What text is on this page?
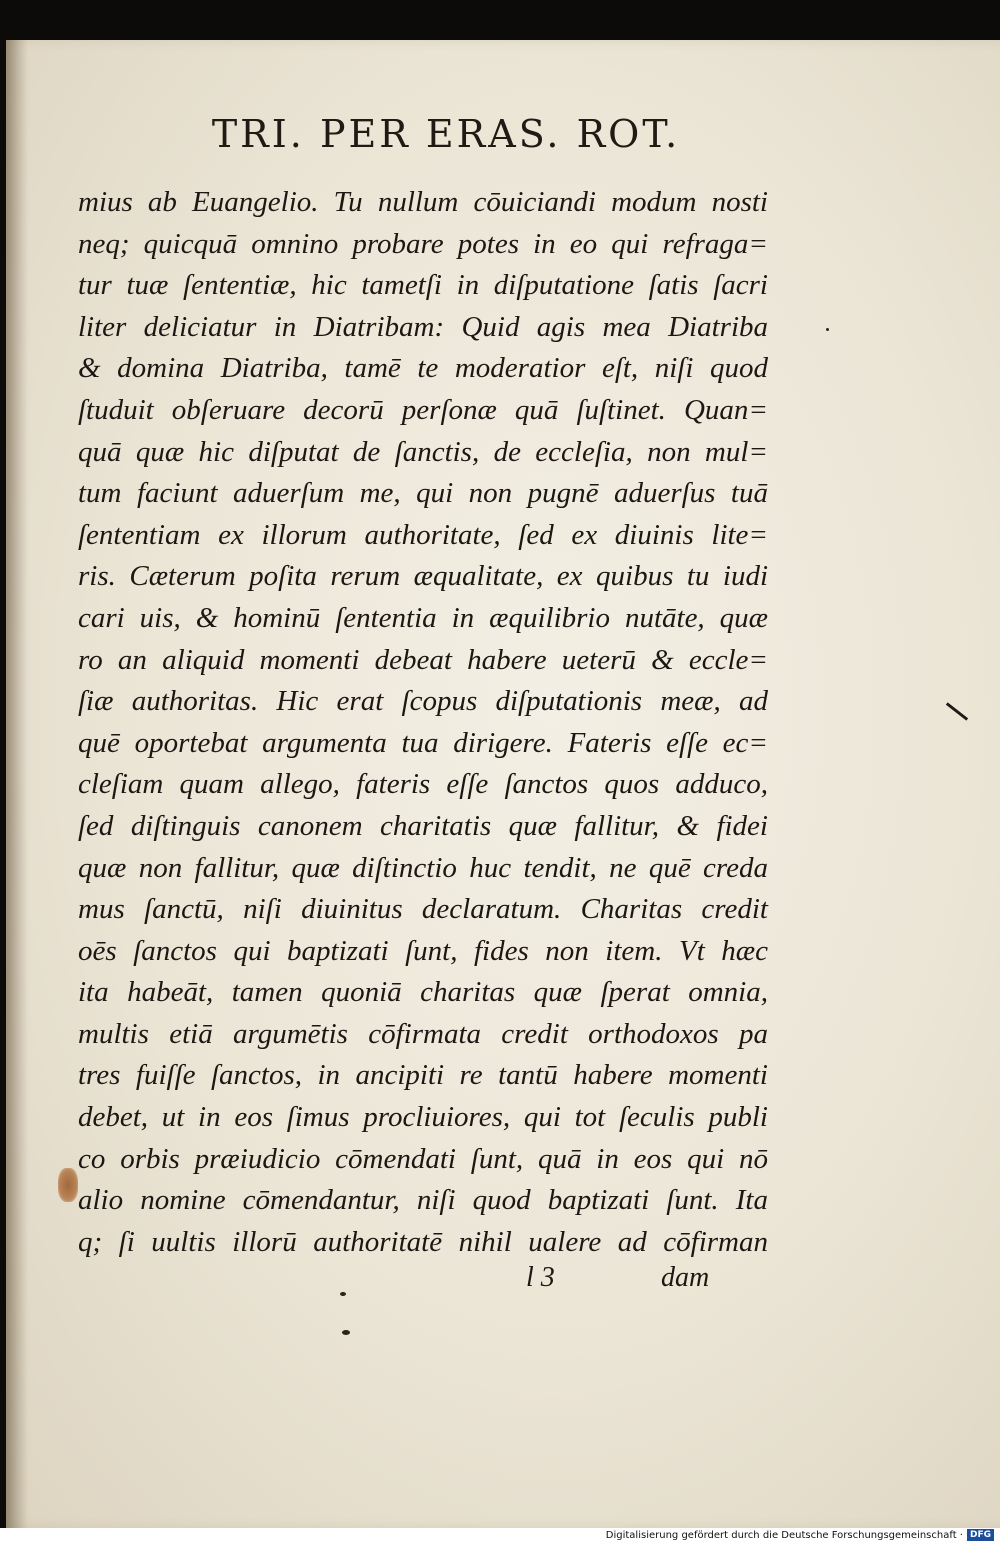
TRI. PER ERAS. ROT.
mius ab Euangelio. Tu nullum cōuiciandi modum nosti
neq; quicquā omnino probare potes in eo qui refraga=
tur tuæ ſententiæ, hic tametſi in diſputatione ſatis ſacri
liter deliciatur in Diatribam: Quid agis mea Diatriba
& domina Diatriba, tamē te moderatior eſt, niſi quod
ſtuduit obſeruare decorū perſonæ quā ſuſtinet. Quan=
quā quæ hic diſputat de ſanctis, de eccleſia, non mul=
tum faciunt aduerſum me, qui non pugnē aduerſus tuā
ſententiam ex illorum authoritate, ſed ex diuinis lite=
ris. Cæterum poſita rerum æqualitate, ex quibus tu iudi
cari uis, & hominū ſententia in æquilibrio nutāte, quæ
ro an aliquid momenti debeat habere ueterū & eccle=
ſiæ authoritas. Hic erat ſcopus diſputationis meæ, ad
quē oportebat argumenta tua dirigere. Fateris eſſe ec=
cleſiam quam allego, fateris eſſe ſanctos quos adduco,
ſed diſtinguis canonem charitatis quæ fallitur, & fidei
quæ non fallitur, quæ diſtinctio huc tendit, ne quē creda
mus ſanctū, niſi diuinitus declaratum. Charitas credit
oēs ſanctos qui baptizati ſunt, fides non item. Vt hæc
ita habeāt, tamen quoniā charitas quæ ſperat omnia,
multis etiā argumētis cōfirmata credit orthodoxos pa
tres fuiſſe ſanctos, in ancipiti re tantū habere momenti
debet, ut in eos ſimus procliuiores, qui tot ſeculis publi
co orbis præiudicio cōmendati ſunt, quā in eos qui nō
alio nomine cōmendantur, niſi quod baptizati ſunt. Ita
q; ſi uultis illorū authoritatē nihil ualere ad cōfirman
l 3	dam
Digitalisierung gefördert durch die Deutsche Forschungsgemeinschaft · DFG
